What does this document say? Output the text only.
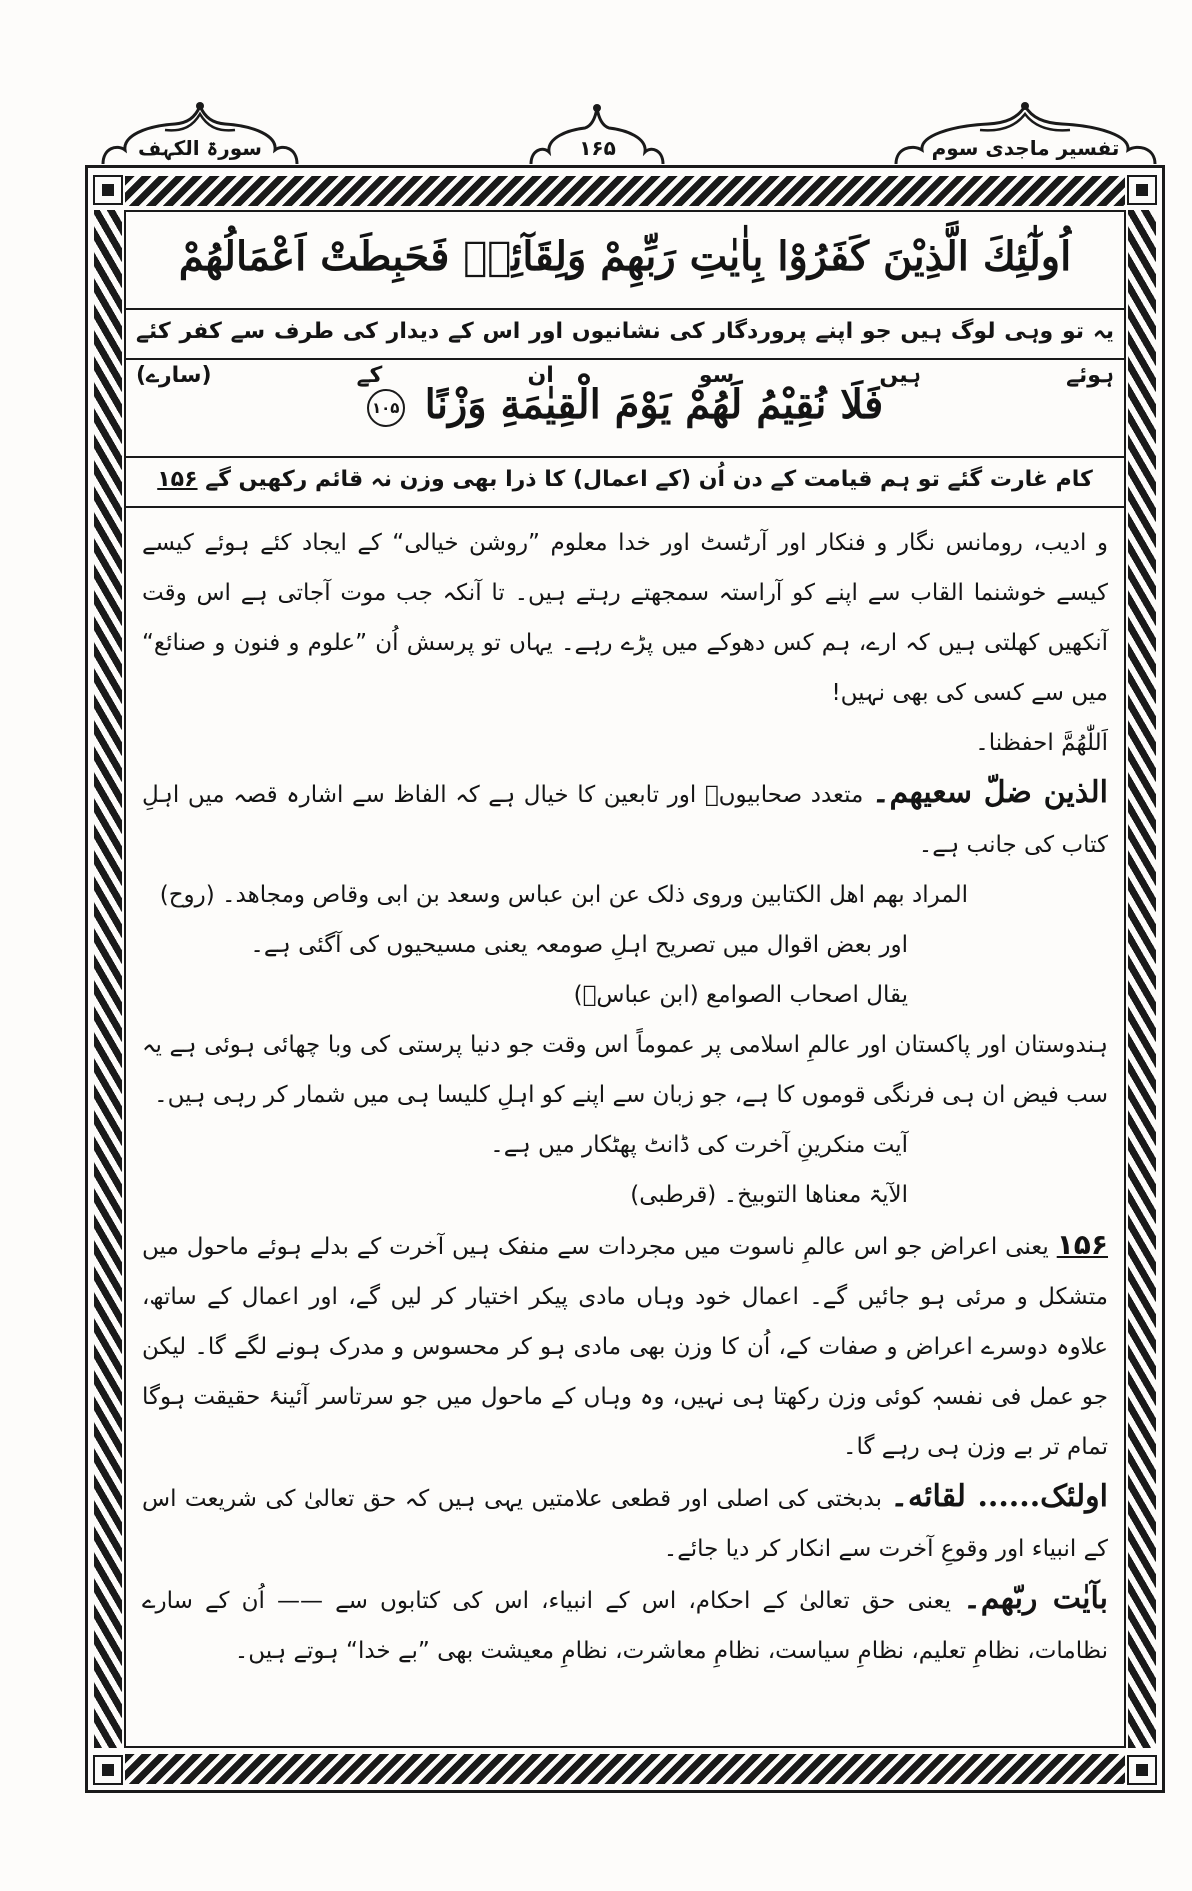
سورۃ الکہف	۱۶۵	تفسیر ماجدی سوم
اُولٰٓئِكَ الَّذِيْنَ كَفَرُوْا بِاٰيٰتِ رَبِّهِمْ وَلِقَآئِهٖ فَحَبِطَتْ اَعْمَالُهُمْ
یہ تو وہی لوگ ہیں جو اپنے پروردگار کی نشانیوں اور اس کے دیدار کی طرف سے کفر کئے ہوئے ہیں سو ان کے (سارے)
فَلَا نُقِيْمُ لَهُمْ يَوْمَ الْقِيٰمَةِ وَزْنًا ۱۰۵
کام غارت گئے تو ہم قیامت کے دن اُن (کے اعمال) کا ذرا بھی وزن نہ قائم رکھیں گے ۱۵۶

و ادیب، رومانس نگار و فنکار اور آرٹسٹ اور خدا معلوم ”روشن خیالی“ کے ایجاد کئے ہوئے کیسے کیسے خوشنما القاب سے اپنے کو آراستہ سمجھتے رہتے ہیں۔ تا آنکہ جب موت آجاتی ہے اس وقت آنکھیں کھلتی ہیں کہ ارے، ہم کس دھوکے میں پڑے رہے۔ یہاں تو پرسش اُن ”علوم و فنون و صنائع“ میں سے کسی کی بھی نہیں!

اَللّٰھُمَّ احفظنا۔

الذین ضلّ سعیھم۔ متعدد صحابیوںؓ اور تابعین کا خیال ہے کہ الفاظ سے اشارہ قصہ میں اہلِ کتاب کی جانب ہے۔

المراد بھم اھل الکتابین وروی ذلک عن ابن عباس وسعد بن ابی وقاص ومجاھد۔ (روح)

اور بعض اقوال میں تصریح اہلِ صومعہ یعنی مسیحیوں کی آگئی ہے۔

یقال اصحاب الصوامع (ابن عباسؓ)

ہندوستان اور پاکستان اور عالمِ اسلامی پر عموماً اس وقت جو دنیا پرستی کی وبا چھائی ہوئی ہے یہ سب فیض ان ہی فرنگی قوموں کا ہے، جو زبان سے اپنے کو اہلِ کلیسا ہی میں شمار کر رہی ہیں۔

آیت منکرینِ آخرت کی ڈانٹ پھٹکار میں ہے۔

الآیۃ معناھا التوبیخ۔ (قرطبی)

۱۵۶ یعنی اعراض جو اس عالمِ ناسوت میں مجردات سے منفک ہیں آخرت کے بدلے ہوئے ماحول میں متشکل و مرئی ہو جائیں گے۔ اعمال خود وہاں مادی پیکر اختیار کر لیں گے، اور اعمال کے ساتھ، علاوہ دوسرے اعراض و صفات کے، اُن کا وزن بھی مادی ہو کر محسوس و مدرک ہونے لگے گا۔ لیکن جو عمل فی نفسہٖ کوئی وزن رکھتا ہی نہیں، وہ وہاں کے ماحول میں جو سرتاسر آئینۂ حقیقت ہوگا تمام تر بے وزن ہی رہے گا۔

اولئک...... لقائه۔ بدبختی کی اصلی اور قطعی علامتیں یہی ہیں کہ حق تعالیٰ کی شریعت اس کے انبیاء اور وقوعِ آخرت سے انکار کر دیا جائے۔

بآیٰت ربّھم۔ یعنی حق تعالیٰ کے احکام، اس کے انبیاء، اس کی کتابوں سے —— اُن کے سارے نظامات، نظامِ تعلیم، نظامِ سیاست، نظامِ معاشرت، نظامِ معیشت بھی ”بے خدا“ ہوتے ہیں۔
